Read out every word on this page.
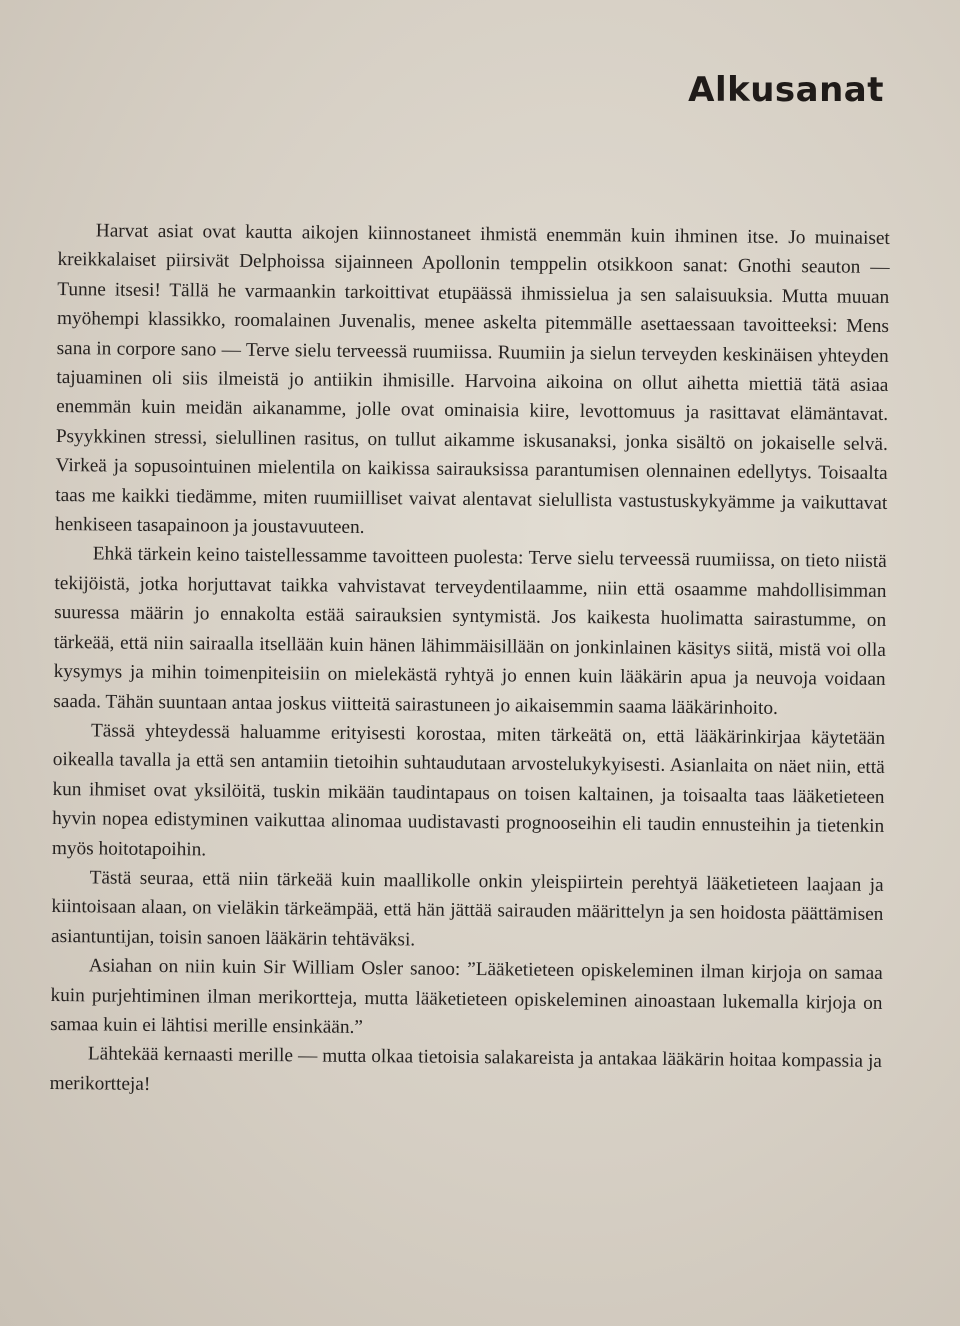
Alkusanat

Harvat asiat ovat kautta aikojen kiinnostaneet ihmistä enemmän kuin ihminen itse. Jo muinaiset kreikkalaiset piirsivät Delphoissa sijainneen Apollonin temppelin otsikkoon sanat: Gnothi seauton — Tunne itsesi! Tällä he varmaankin tarkoittivat etupäässä ihmissielua ja sen salaisuuksia. Mutta muuan myöhempi klassikko, roomalainen Juvenalis, menee askelta pitemmälle asettaessaan tavoitteeksi: Mens sana in corpore sano — Terve sielu terveessä ruumiissa. Ruumiin ja sielun terveyden keskinäisen yhteyden tajuaminen oli siis ilmeistä jo antiikin ihmisille. Harvoina aikoina on ollut aihetta miettiä tätä asiaa enemmän kuin meidän aikanamme, jolle ovat ominaisia kiire, levottomuus ja rasittavat elämäntavat. Psyykkinen stressi, sielullinen rasitus, on tullut aikamme iskusanaksi, jonka sisältö on jokaiselle selvä. Virkeä ja sopusointuinen mielentila on kaikissa sairauksissa parantumisen olennainen edellytys. Toisaalta taas me kaikki tiedämme, miten ruumiilliset vaivat alentavat sielullista vastustuskykyämme ja vaikuttavat henkiseen tasapainoon ja joustavuuteen.

Ehkä tärkein keino taistellessamme tavoitteen puolesta: Terve sielu terveessä ruumiissa, on tieto niistä tekijöistä, jotka horjuttavat taikka vahvistavat terveydentilaamme, niin että osaamme mahdollisimman suuressa määrin jo ennakolta estää sairauksien syntymistä. Jos kaikesta huolimatta sairastumme, on tärkeää, että niin sairaalla itsellään kuin hänen lähimmäisillään on jonkinlainen käsitys siitä, mistä voi olla kysymys ja mihin toimenpiteisiin on mielekästä ryhtyä jo ennen kuin lääkärin apua ja neuvoja voidaan saada. Tähän suuntaan antaa joskus viitteitä sairastuneen jo aikaisemmin saama lääkärinhoito.

Tässä yhteydessä haluamme erityisesti korostaa, miten tärkeätä on, että lääkärinkirjaa käytetään oikealla tavalla ja että sen antamiin tietoihin suhtaudutaan arvostelukykyisesti. Asianlaita on näet niin, että kun ihmiset ovat yksilöitä, tuskin mikään taudintapaus on toisen kaltainen, ja toisaalta taas lääketieteen hyvin nopea edistyminen vaikuttaa alinomaa uudistavasti prognooseihin eli taudin ennusteihin ja tietenkin myös hoitotapoihin.

Tästä seuraa, että niin tärkeää kuin maallikolle onkin yleispiirtein perehtyä lääketieteen laajaan ja kiintoisaan alaan, on vieläkin tärkeämpää, että hän jättää sairauden määrittelyn ja sen hoidosta päättämisen asiantuntijan, toisin sanoen lääkärin tehtäväksi.

Asiahan on niin kuin Sir William Osler sanoo: ”Lääketieteen opiskeleminen ilman kirjoja on samaa kuin purjehtiminen ilman merikortteja, mutta lääketieteen opiskeleminen ainoastaan lukemalla kirjoja on samaa kuin ei lähtisi merille ensinkään.”

Lähtekää kernaasti merille — mutta olkaa tietoisia salakareista ja antakaa lääkärin hoitaa kompassia ja merikortteja!
